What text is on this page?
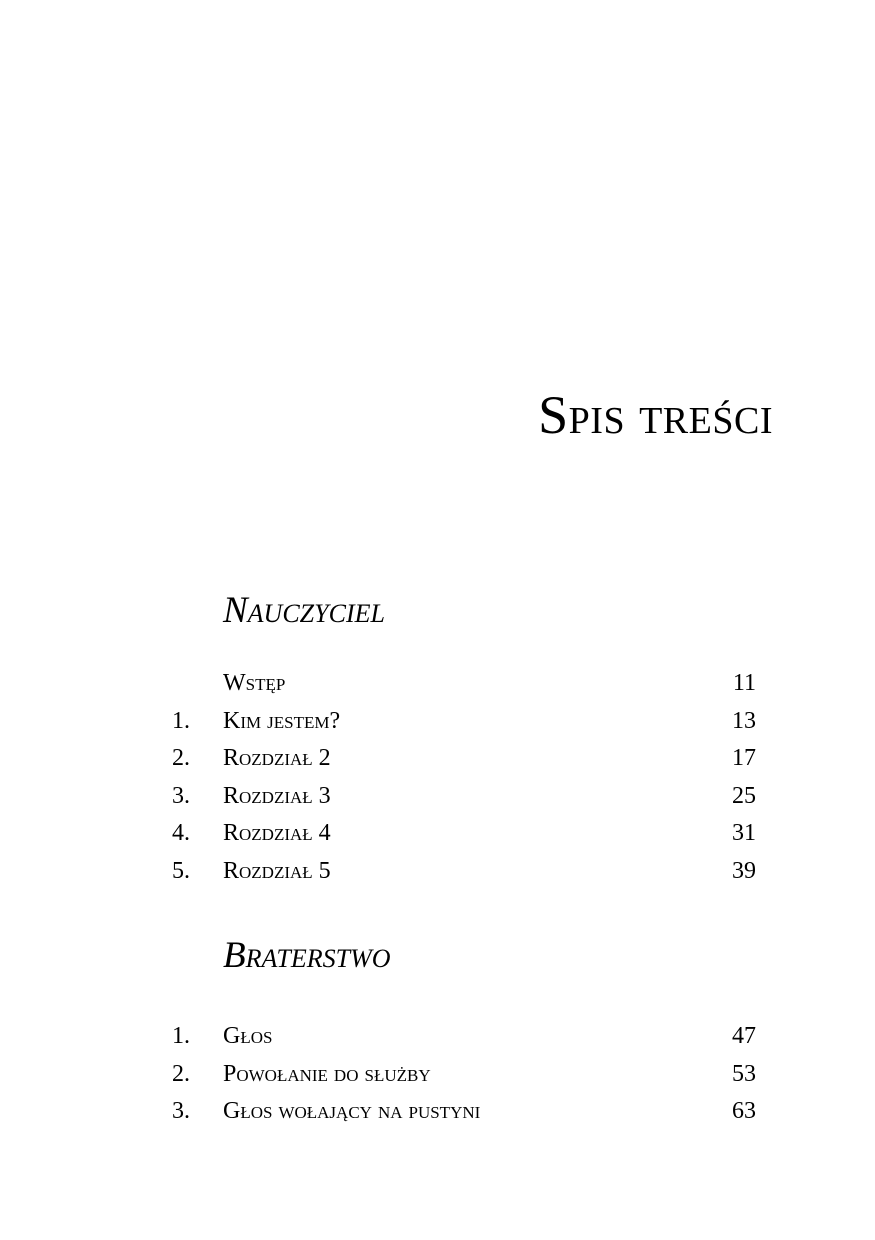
Spis treści
Nauczyciel
Wstęp	11
1. Kim jestem?	13
2. Rozdział 2	17
3. Rozdział 3	25
4. Rozdział 4	31
5. Rozdział 5	39
Braterstwo
1. Głos	47
2. Powołanie do służby	53
3. Głos wołający na pustyni	63
